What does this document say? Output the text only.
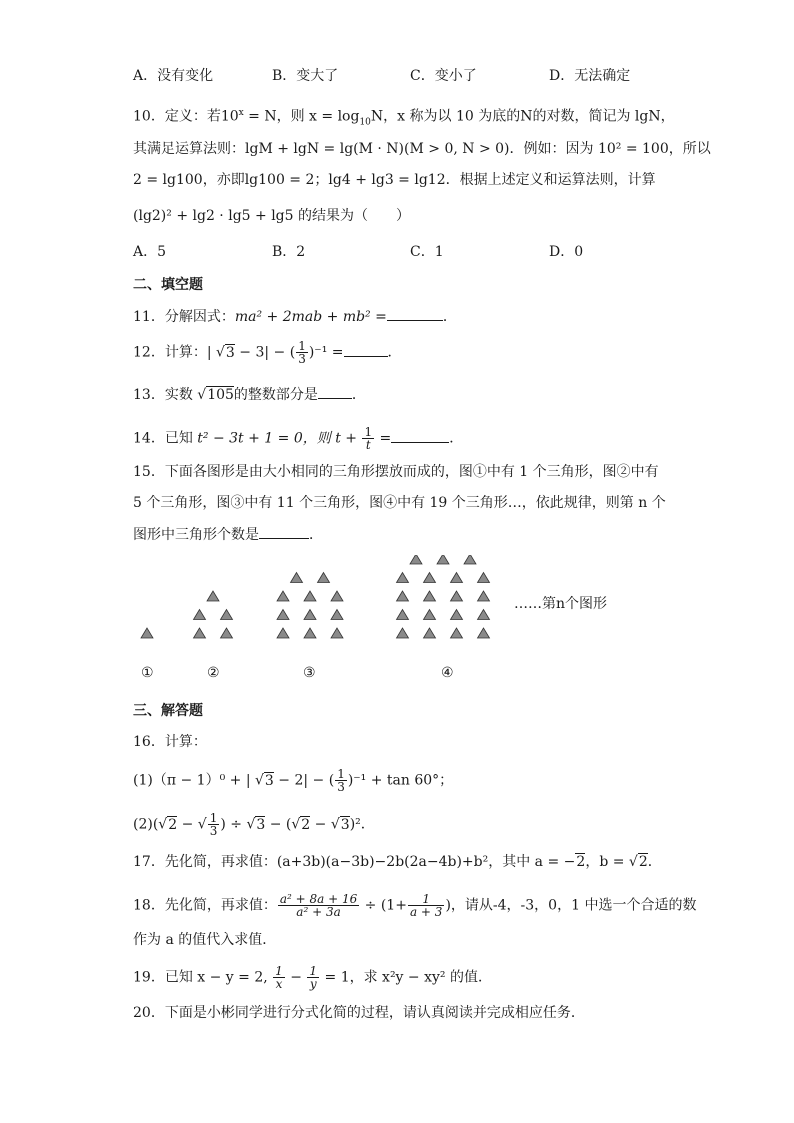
A．没有变化	B．变大了	C．变小了	D．无法确定
10．定义：若$10^x = N$，则 $x = \log_{10}N$，x 称为以 10 为底的N的对数，简记为 lgN，
其满足运算法则：lgM + lgN = lg(M · N)(M > 0, N > 0)．例如：因为 10² = 100，所以
2 = lg100，亦即lg100 = 2；lg4 + lg3 = lg12．根据上述定义和运算法则，计算
(lg2)² + lg2 · lg5 + lg5 的结果为（　　）
A．5	B．2	C．1	D．0
二、填空题
11．分解因式：ma² + 2mab + mb² =	．
12．计算：| √3 − 3| − ( $\frac{1}{3} )^{-1}$ =	．
13．实数 √105的整数部分是 ．
14．已知 t² − 3t + 1 = 0，则 $t + \frac{1}{t}$ =	．
15．下面各图形是由大小相同的三角形摆放而成的，图①中有 1 个三角形，图②中有
5 个三角形，图③中有 11 个三角形，图④中有 19 个三角形…，依此规律，则第 n 个
图形中三角形个数是	．
……第n个图形
①	②	③	④
三、解答题
16．计算：
(1)（π − 1）⁰ + | √3 − 2| − ( $\frac{1}{3} )^{-1} + \tan 60^\circ$；
(2)(√2 − √ $\frac{1}{3}$ ) ÷ √3 − (√2 − √3)²．
17．先化简，再求值：(a+3b)(a−3b)−2b(2a−4b)+b²，其中 a = −2，b = √2．
18．先化简，再求值： $\frac{\text{a² + 8a + 16}}{\text{a² + 3a}} \div (1+ \frac{1}{a + 3}$ )，请从-4，-3，0，1 中选一个合适的数
作为 a 的值代入求值．
19．已知 x − y = 2, $\frac{1}{x} - \frac{1}{y} = 1$，求 x²y − xy² 的值．
20．下面是小彬同学进行分式化简的过程，请认真阅读并完成相应任务．
